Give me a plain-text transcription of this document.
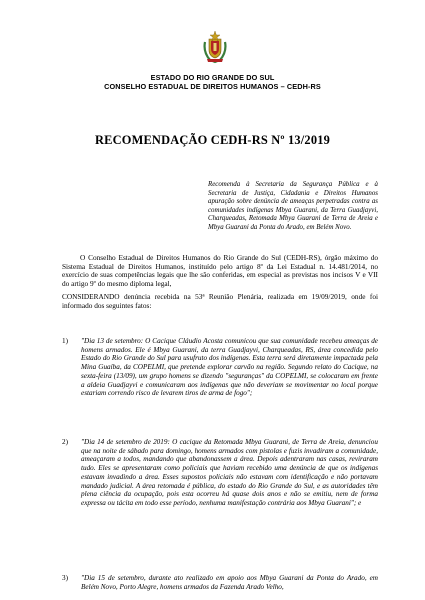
ESTADO DO RIO GRANDE DO SUL
CONSELHO ESTADUAL DE DIREITOS HUMANOS – CEDH-RS
RECOMENDAÇÃO CEDH-RS Nº 13/2019
Recomenda à Secretaria da Segurança Pública e à Secretaria de Justiça, Cidadania e Direitos Humanos apuração sobre denúncia de ameaças perpetradas contra as comunidades indígenas Mbya Guarani, da Terra Guadjayvi, Charqueadas, Retomada Mbya Guarani de Terra de Areia e Mbya Guarani da Ponta do Arado, em Belém Novo.
O Conselho Estadual de Direitos Humanos do Rio Grande do Sul (CEDH-RS), órgão máximo do Sistema Estadual de Direitos Humanos, instituído pelo artigo 8º da Lei Estadual n. 14.481/2014, no exercício de suas competências legais que lhe são conferidas, em especial as previstas nos incisos V e VII do artigo 9º do mesmo diploma legal,
CONSIDERANDO denúncia recebida na 53ª Reunião Plenária, realizada em 19/09/2019, onde foi informado dos seguintes fatos:
1) "Dia 13 de setembro: O Cacique Cláudio Acosta comunicou que sua comunidade recebeu ameaças de homens armados. Ele é Mbya Guarani, da terra Guadjayvi, Charqueadas, RS, área concedida pelo Estado do Rio Grande do Sul para usufruto dos indígenas. Esta terra será diretamente impactada pela Mina Guaíba, da COPELMI, que pretende explorar carvão na região. Segundo relato do Cacique, na sexta-feira (13/09), um grupo homens se dizendo "seguranças" da COPELMI, se colocaram em frente a aldeia Guadjayvi e comunicaram aos indígenas que não deveriam se movimentar no local porque estariam correndo risco de levarem tiros de arma de fogo";
2) "Dia 14 de setembro de 2019: O cacique da Retomada Mbya Guarani, de Terra de Areia, denunciou que na noite de sábado para domingo, homens armados com pistolas e fuzis invadiram a comunidade, ameaçaram a todos, mandando que abandonassem a área. Depois adentraram nas casas, reviraram tudo. Eles se apresentaram como policiais que haviam recebido uma denúncia de que os indígenas estavam invadindo a área. Esses supostos policiais não estavam com identificação e não portavam mandado judicial. A área retomada é pública, do estado do Rio Grande do Sul, e as autoridades têm plena ciência da ocupação, pois esta ocorreu há quase dois anos e não se emitiu, nem de forma expressa ou tácita em todo esse período, nenhuma manifestação contrária aos Mbya Guarani"; e
3) "Dia 15 de setembro, durante ato realizado em apoio aos Mbya Guarani da Ponta do Arado, em Belém Novo, Porto Alegre, homens armados da Fazenda Arado Velho,
